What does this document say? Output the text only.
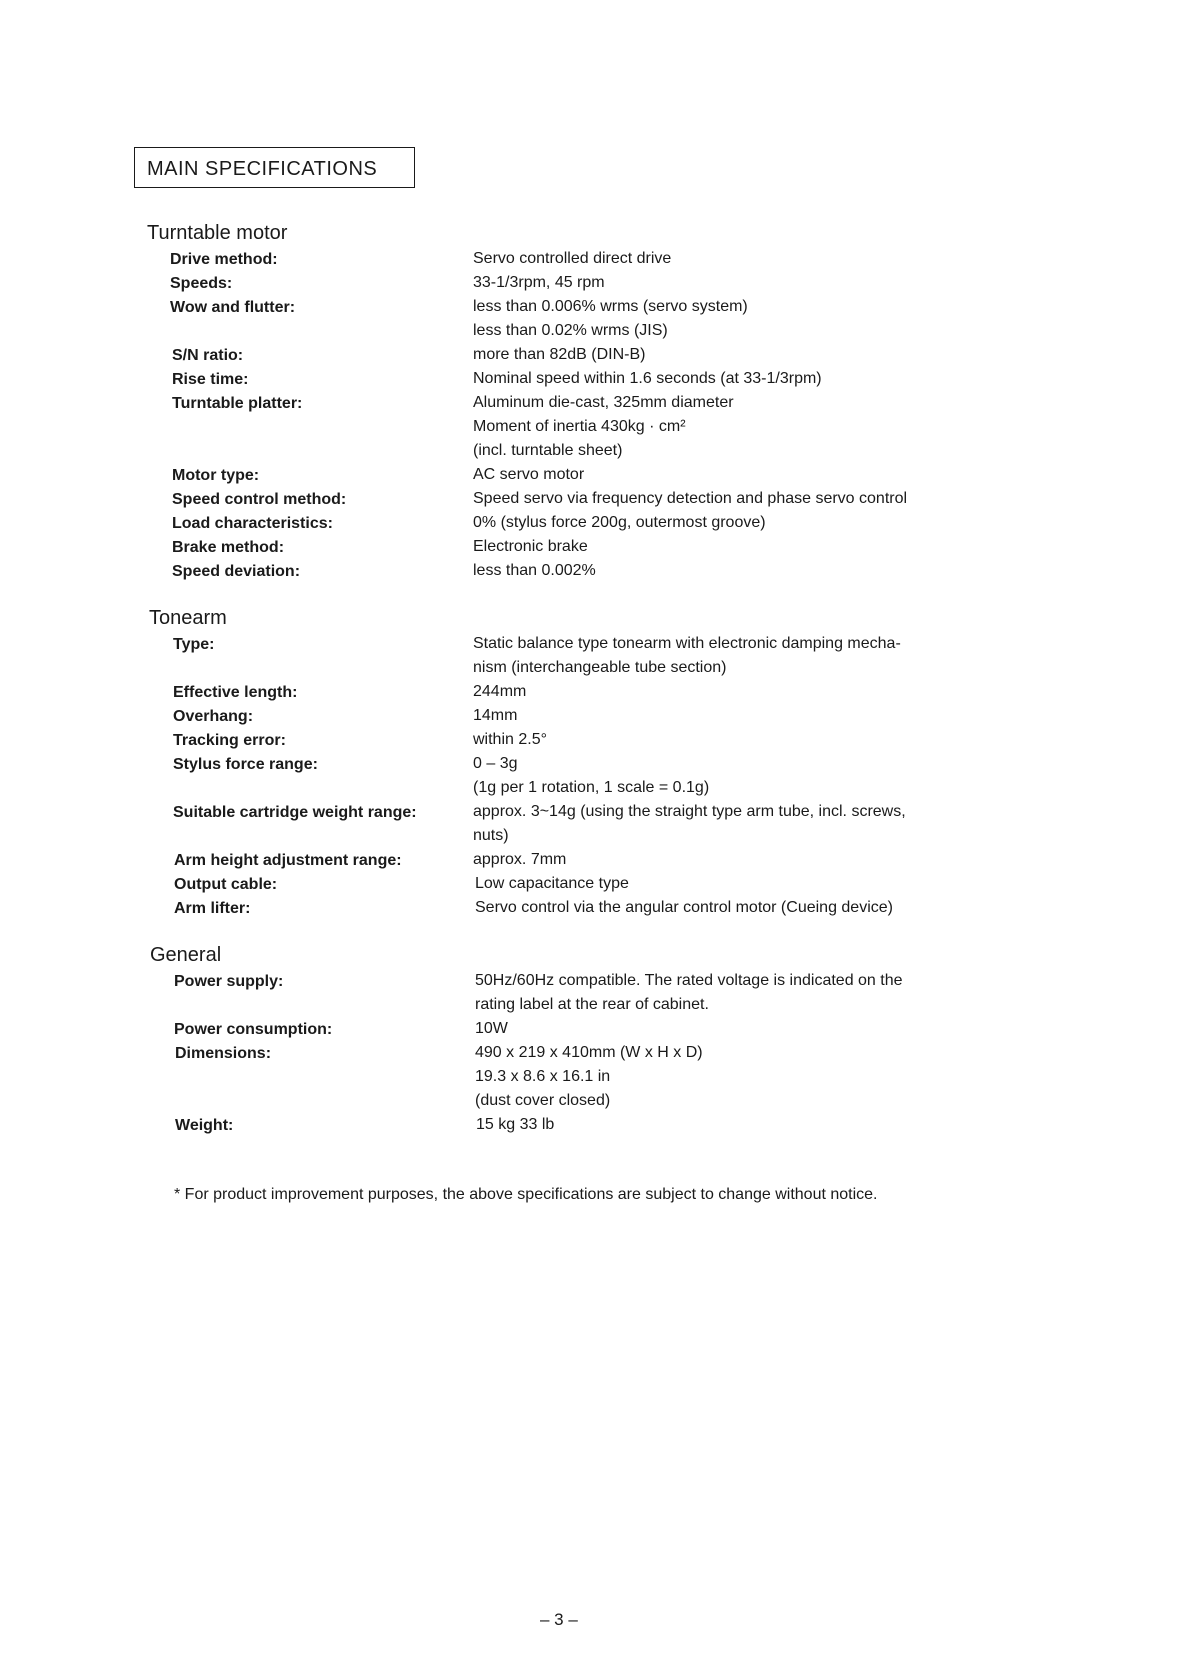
MAIN SPECIFICATIONS
Turntable motor
Drive method:	Servo controlled direct drive
Speeds:	33-1/3rpm, 45 rpm
Wow and flutter:	less than 0.006% wrms (servo system)
less than 0.02% wrms (JIS)
S/N ratio:	more than 82dB (DIN-B)
Rise time:	Nominal speed within 1.6 seconds (at 33-1/3rpm)
Turntable platter:	Aluminum die-cast, 325mm diameter
Moment of inertia 430kg · cm²
(incl. turntable sheet)
Motor type:	AC servo motor
Speed control method:	Speed servo via frequency detection and phase servo control
Load characteristics:	0% (stylus force 200g, outermost groove)
Brake method:	Electronic brake
Speed deviation:	less than 0.002%
Tonearm
Type:	Static balance type tonearm with electronic damping mecha-
nism (interchangeable tube section)
Effective length:	244mm
Overhang:	14mm
Tracking error:	within 2.5°
Stylus force range:	0 – 3g
(1g per 1 rotation, 1 scale = 0.1g)
Suitable cartridge weight range:	approx. 3~14g (using the straight type arm tube, incl. screws,
nuts)
Arm height adjustment range:	approx. 7mm
Output cable:	Low capacitance type
Arm lifter:	Servo control via the angular control motor (Cueing device)
General
Power supply:	50Hz/60Hz compatible. The rated voltage is indicated on the
rating label at the rear of cabinet.
Power consumption:	10W
Dimensions:	490 x 219 x 410mm (W x H x D)
19.3 x 8.6 x 16.1 in
(dust cover closed)
Weight:	15 kg 33 lb
* For product improvement purposes, the above specifications are subject to change without notice.
– 3 –
